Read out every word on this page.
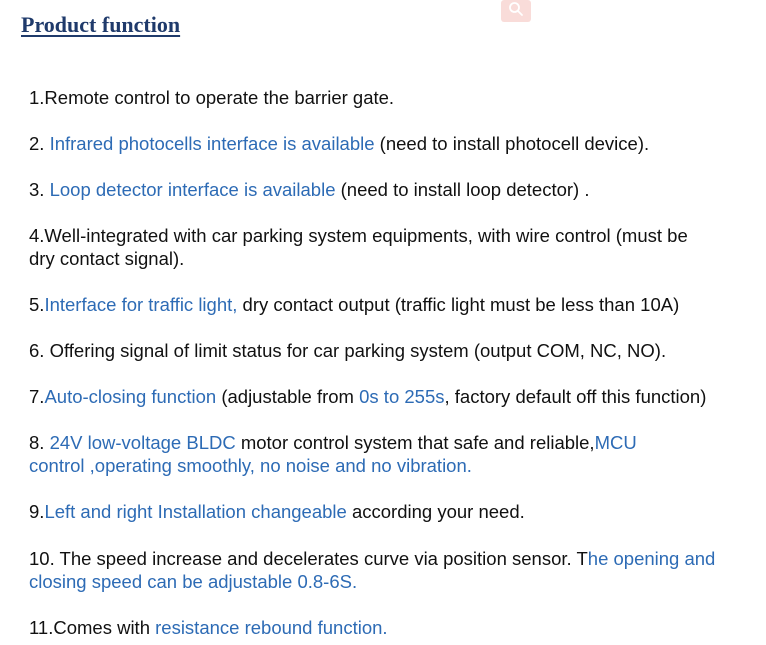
Product function
1.Remote control to operate the barrier gate.
2. Infrared photocells interface is available (need to install photocell device).
3. Loop detector interface is available (need to install loop detector) .
4.Well-integrated with car parking system equipments, with wire control (must be
dry contact signal).
5.Interface for traffic light, dry contact output (traffic light must be less than 10A)
6. Offering signal of limit status for car parking system (output COM, NC, NO).
7.Auto-closing function (adjustable from 0s to 255s, factory default off this function)
8. 24V low-voltage BLDC motor control system that safe and reliable,MCU
control ,operating smoothly, no noise and no vibration.
9.Left and right Installation changeable according your need.
10. The speed increase and decelerates curve via position sensor. The opening and
closing speed can be adjustable 0.8-6S.
11.Comes with resistance rebound function.
